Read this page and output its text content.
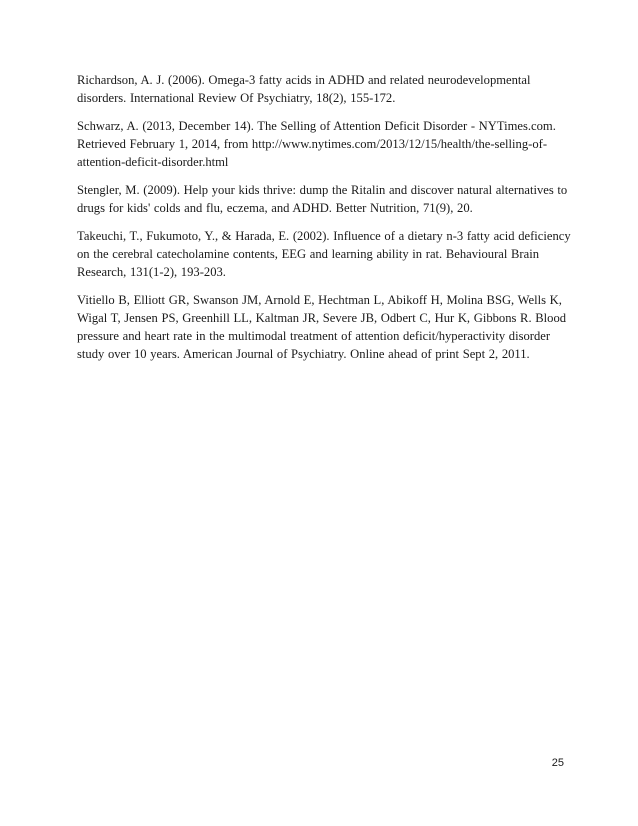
Richardson, A. J. (2006). Omega-3 fatty acids in ADHD and related neurodevelopmental
disorders. International Review Of Psychiatry, 18(2), 155-172.

Schwarz, A. (2013, December 14). The Selling of Attention Deficit Disorder - NYTimes.com.
Retrieved February 1, 2014, from http://www.nytimes.com/2013/12/15/health/the-selling-of-
attention-deficit-disorder.html

Stengler, M. (2009). Help your kids thrive: dump the Ritalin and discover natural alternatives to
drugs for kids' colds and flu, eczema, and ADHD. Better Nutrition, 71(9), 20.

Takeuchi, T., Fukumoto, Y., & Harada, E. (2002). Influence of a dietary n-3 fatty acid deficiency
on the cerebral catecholamine contents, EEG and learning ability in rat. Behavioural Brain
Research, 131(1-2), 193-203.

Vitiello B, Elliott GR, Swanson JM, Arnold E, Hechtman L, Abikoff H, Molina BSG, Wells K,
Wigal T, Jensen PS, Greenhill LL, Kaltman JR, Severe JB, Odbert C, Hur K, Gibbons R. Blood
pressure and heart rate in the multimodal treatment of attention deficit/hyperactivity disorder
study over 10 years. American Journal of Psychiatry. Online ahead of print Sept 2, 2011.

25
